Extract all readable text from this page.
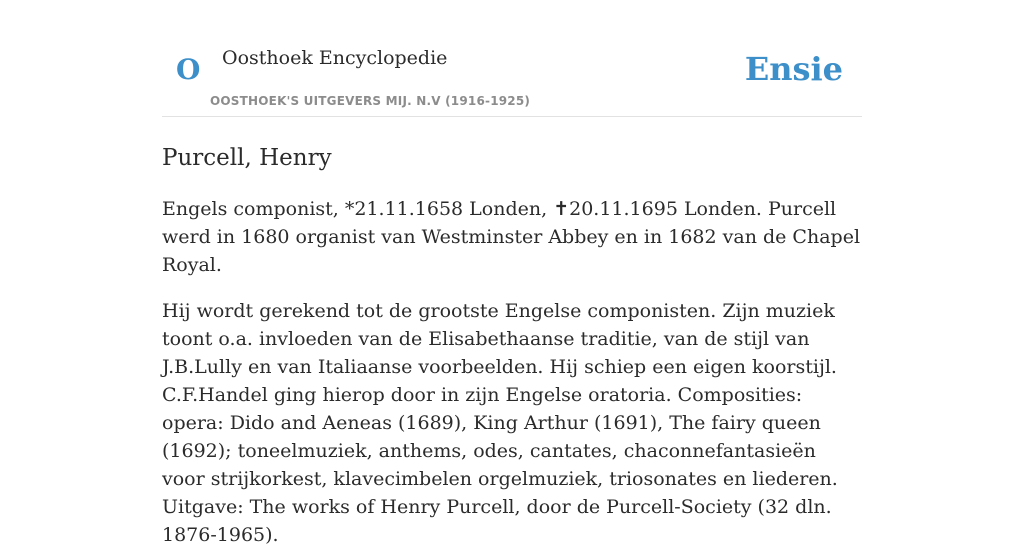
O Oosthoek Encyclopedie
OOSTHOEK'S UITGEVERS MIJ. N.V (1916-1925)
Ensie
Purcell, Henry

Engels componist, *21.11.1658 Londen, ✝20.11.1695 Londen. Purcell werd in 1680 organist van Westminster Abbey en in 1682 van de Chapel Royal.

Hij wordt gerekend tot de grootste Engelse componisten. Zijn muziek toont o.a. invloeden van de Elisabethaanse traditie, van de stijl van J.B.Lully en van Italiaanse voorbeelden. Hij schiep een eigen koorstijl. C.F.Handel ging hierop door in zijn Engelse oratoria. Composities: opera: Dido and Aeneas (1689), King Arthur (1691), The fairy queen (1692); toneelmuziek, anthems, odes, cantates, chaconnefantasieën voor strijkorkest, klavecimbelen orgelmuziek, triosonates en liederen. Uitgave: The works of Henry Purcell, door de Purcell-Society (32 dln. 1876-1965).
